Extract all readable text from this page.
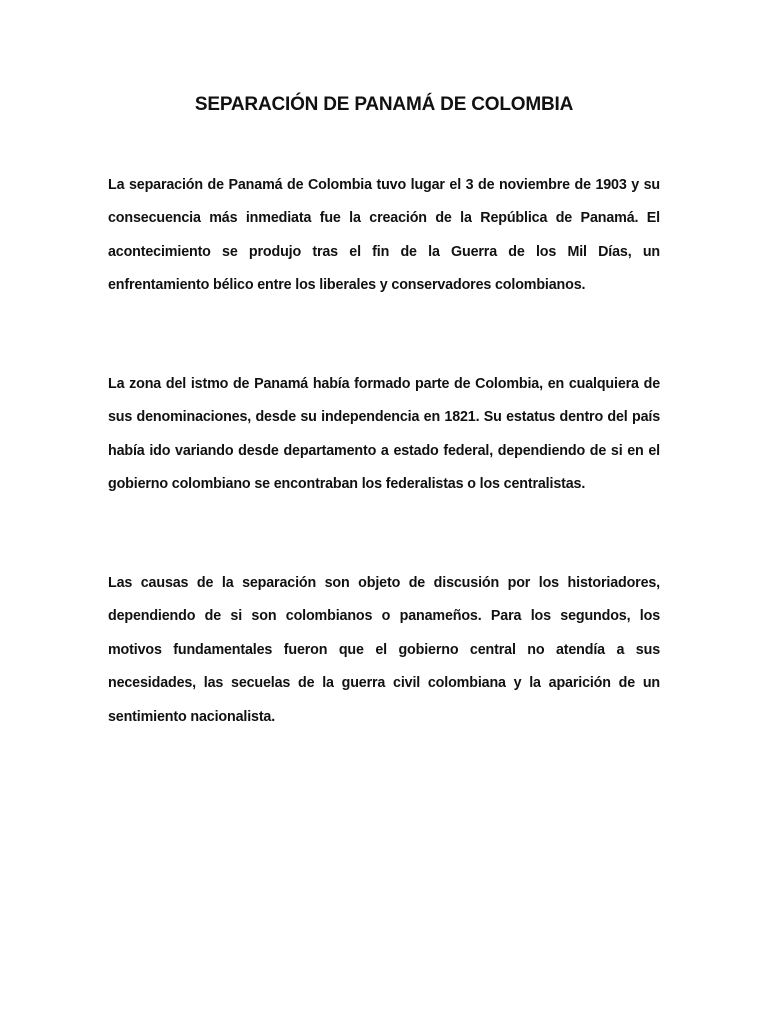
SEPARACIÓN DE PANAMÁ DE COLOMBIA

La separación de Panamá de Colombia tuvo lugar el 3 de noviembre de 1903 y su consecuencia más inmediata fue la creación de la República de Panamá. El acontecimiento se produjo tras el fin de la Guerra de los Mil Días, un enfrentamiento bélico entre los liberales y conservadores colombianos.

La zona del istmo de Panamá había formado parte de Colombia, en cualquiera de sus denominaciones, desde su independencia en 1821. Su estatus dentro del país había ido variando desde departamento a estado federal, dependiendo de si en el gobierno colombiano se encontraban los federalistas o los centralistas.

Las causas de la separación son objeto de discusión por los historiadores, dependiendo de si son colombianos o panameños. Para los segundos, los motivos fundamentales fueron que el gobierno central no atendía a sus necesidades, las secuelas de la guerra civil colombiana y la aparición de un sentimiento nacionalista.
